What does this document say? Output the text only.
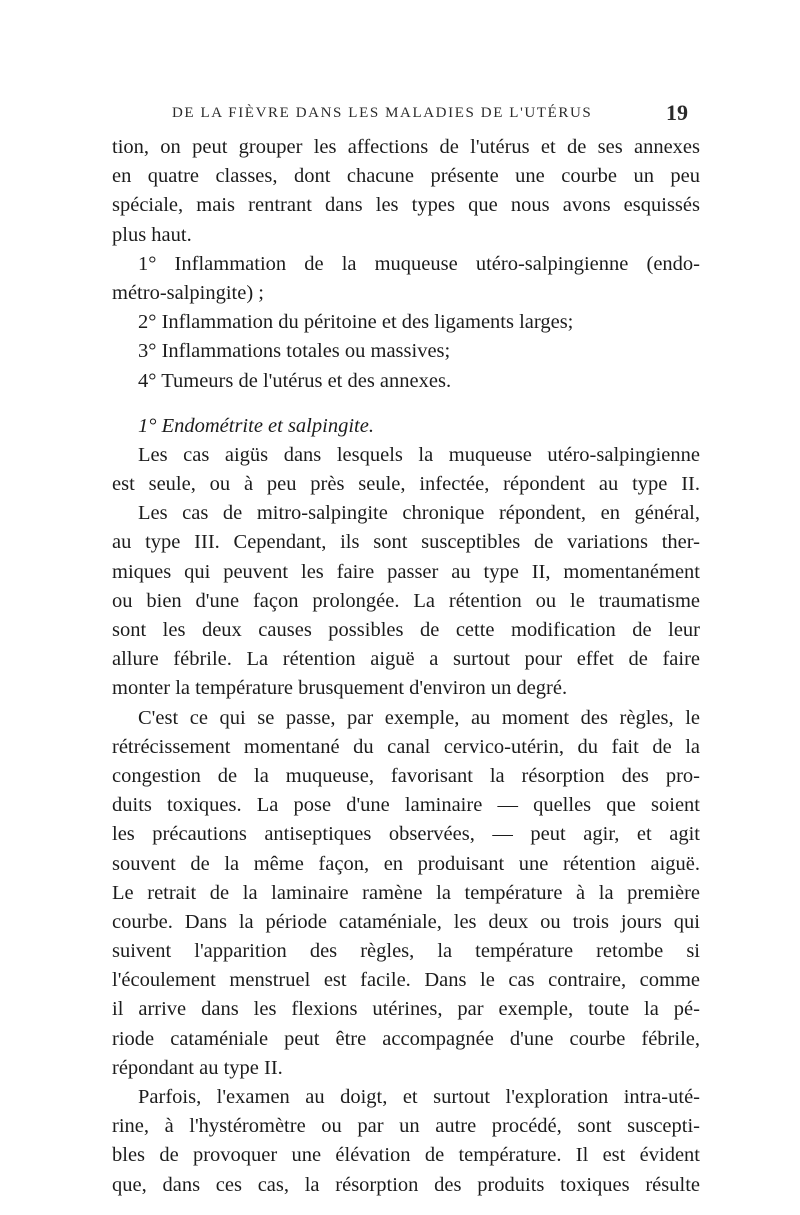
DE LA FIÈVRE DANS LES MALADIES DE L'UTÉRUS	19
tion, on peut grouper les affections de l'utérus et de ses annexes
en quatre classes, dont chacune présente une courbe un peu
spéciale, mais rentrant dans les types que nous avons esquissés
plus haut.
1° Inflammation de la muqueuse utéro-salpingienne (endo-
métro-salpingite) ;
2° Inflammation du péritoine et des ligaments larges;
3° Inflammations totales ou massives;
4° Tumeurs de l'utérus et des annexes.
1° Endométrite et salpingite.
Les cas aigüs dans lesquels la muqueuse utéro-salpingienne
est seule, ou à peu près seule, infectée, répondent au type II.
Les cas de mitro-salpingite chronique répondent, en général,
au type III. Cependant, ils sont susceptibles de variations ther-
miques qui peuvent les faire passer au type II, momentanément
ou bien d'une façon prolongée. La rétention ou le traumatisme
sont les deux causes possibles de cette modification de leur
allure fébrile. La rétention aiguë a surtout pour effet de faire
monter la température brusquement d'environ un degré.
C'est ce qui se passe, par exemple, au moment des règles, le
rétrécissement momentané du canal cervico-utérin, du fait de la
congestion de la muqueuse, favorisant la résorption des pro-
duits toxiques. La pose d'une laminaire — quelles que soient
les précautions antiseptiques observées, — peut agir, et agit
souvent de la même façon, en produisant une rétention aiguë.
Le retrait de la laminaire ramène la température à la première
courbe. Dans la période cataméniale, les deux ou trois jours qui
suivent l'apparition des règles, la température retombe si
l'écoulement menstruel est facile. Dans le cas contraire, comme
il arrive dans les flexions utérines, par exemple, toute la pé-
riode cataméniale peut être accompagnée d'une courbe fébrile,
répondant au type II.
Parfois, l'examen au doigt, et surtout l'exploration intra-uté-
rine, à l'hystéromètre ou par un autre procédé, sont suscepti-
bles de provoquer une élévation de température. Il est évident
que, dans ces cas, la résorption des produits toxiques résulte
